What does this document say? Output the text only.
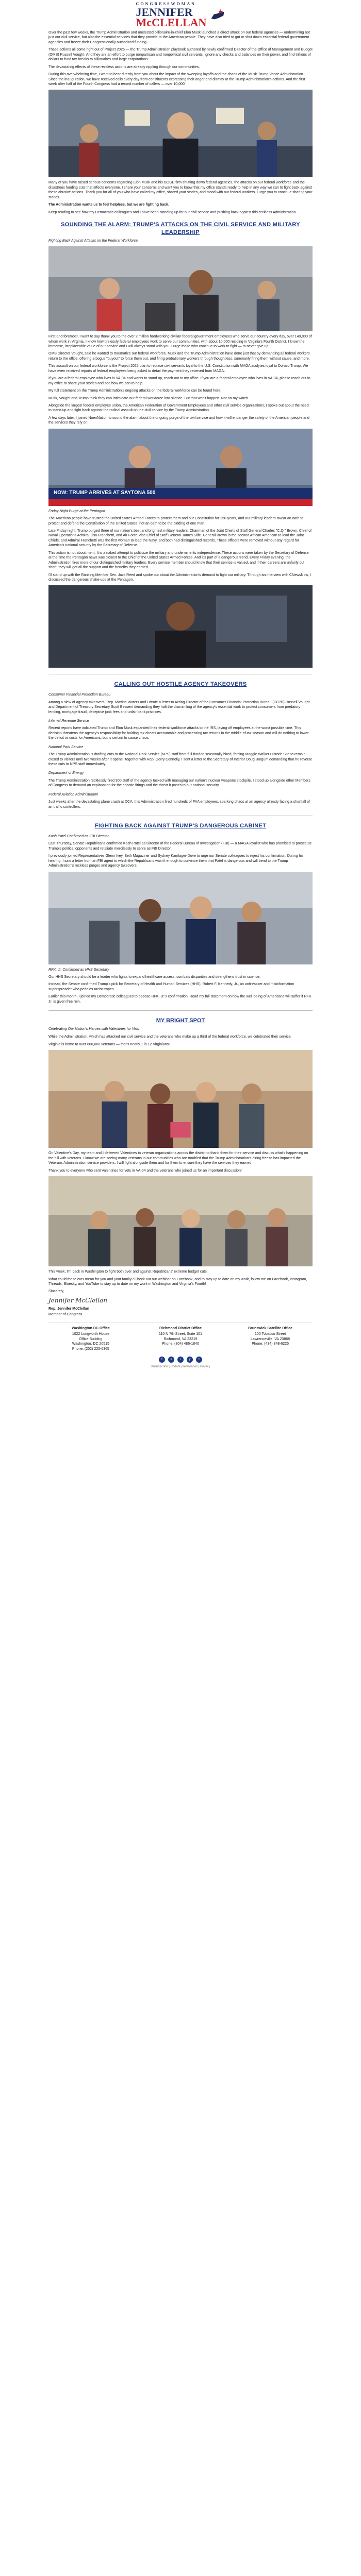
CONGRESSWOMAN
JENNIFER
McCLELLAN

Over the past few weeks, the Trump Administration and unelected billionaire-in-chief Elon Musk launched a direct attack on our federal agencies — undermining not just our civil service, but also the essential services that they provide to the American people. They have also tried to gut or shut down essential federal government agencies and freeze their Congressionally authorized funding.

These actions all come right out of Project 2025 — the Trump Administration playbook authored by newly confirmed Director of the Office of Management and Budget (OMB) Russell Vought. And they are an effort to purge nonpartisan and nonpolitical civil servants, ignore any checks and balances on their power, and find trillions of dollars to fund tax breaks to billionaires and large corporations.

The devastating effects of these reckless actions are already rippling through our communities.

During this overwhelming time, I want to hear directly from you about the impact of the sweeping layoffs and the chaos of the Musk-Trump Vance Administration. Since the inauguration, we have received calls every day from constituents expressing their anger and dismay at the Trump Administration's actions. And the first week after half of the Fourth Congress had a record number of callers — over 10,000!

Many of you have raised serious concerns regarding Elon Musk and his DOGE firm shutting down federal agencies, the attacks on our federal workforce and the disastrous funding cuts that affects everyone. I share your concerns and want you to know that my office stands ready to help in any way we can to fight back against these abusive actions. Thank you for all of you who have called my office, shared your stories, and stood with our federal workers. I urge you to continue sharing your stories.

The Administration wants us to feel helpless, but we are fighting back.

Keep reading to see how my Democratic colleagues and I have been standing up for our civil service and pushing back against this reckless Administration.

SOUNDING THE ALARM: TRUMP'S ATTACKS ON THE CIVIL SERVICE AND MILITARY LEADERSHIP
Fighting Back Against Attacks on the Federal Workforce

First and foremost, I want to say thank you to the over 2 million hardworking civilian federal government employees who serve our country every day, over 140,000 of whom work in Virginia. I know how tirelessly federal employees work to serve our communities, with about 10,000 residing in Virginia's Fourth District. I know the immense, irreplaceable value of our service and I will always stand with you. I urge those who continue to work to fight — to never give up.

OMB Director Vought, said he wanted to traumatize our federal workforce. Musk and the Trump Administration have done just that by demanding all federal workers return to the office, offering a bogus "buyout" to force them out, and firing probationary workers through thoughtless, summarily firing them without cause, and more.

This assault on our federal workforce is the Project 2025 plan to replace civil servants loyal to the U.S. Constitution with MAGA acolytes loyal to Donald Trump. We have even received reports of federal employees being asked to detail the payment they received from MAGA.

If you are a federal employee who lives in VA-04 and wants to stand up, reach out to my office. If you are a federal employee who lives in VA-04, please reach out to my office to share your stories and see how we can to help.

My full statement on the Trump Administration's ongoing attacks on the federal workforce can be found here.

Musk, Vought and Trump think they can intimidate our federal workforce into silence. But that won't happen. Not on my watch.

Alongside the largest federal employee union, the American Federation of Government Employees and other civil service organizations, I spoke out about the need to stand up and fight back against the radical assault on the civil service by the Trump Administration.

A few days later, I joined NoenNation to sound the alarm about the ongoing purge of the civil service and how it will endanger the safety of the American people and the services they rely on.

NOW: TRUMP ARRIVES AT SAYTONA 500
Friday Night Purge at the Pentagon

The American people have trusted the United States Armed Forces to protect them and our Constitution for 250 years, and our military leaders swear an oath to protect and defend the Constitution of the United States, not an oath to be the bidding of one man.

Late Friday night, Trump purged three of our nation's best and brightest military leaders: Chairman of the Joint Chiefs of Staff General Charles "C.Q." Brown, Chief of Naval Operations Admiral Lisa Franchetti, and Air Force Vice Chief of Staff General James Slife. General Brown is the second African American to lead the Joint Chiefs, and Admiral Franchetti was the first woman to lead the Navy, and both had distinguished records. These officers were removed without any regard for America's national security by the Secretary of Defense.

This action is not about merit. It is a naked attempt to politicize the military and undermine its independence. These actions were taken by the Secretary of Defense at the time the Pentagon news was closest to the Chief of the United States Armed Forces. And it's part of a dangerous trend. Every Friday evening, the Administration fires more of our distinguished military leaders. Every service member should know that their service is valued, and if their careers are unfairly cut short, they will get all the support and the benefits they earned.

I'll stand up with the Ranking Member Sen. Jack Reed and spoke out about the Administration's demand to fight our military. Through an interview with CNewsNow, I discussed the dangerous shake-ups at the Pentagon.

CALLING OUT HOSTILE AGENCY TAKEOVERS
Consumer Financial Protection Bureau

Among a slew of agency takeovers, Rep. Maxine Waters and I wrote a letter to Acting Director of the Consumer Financial Protection Bureau (CFPB) Russell Vought and Department of Treasury Secretary Scott Bessent demanding they halt the dismantling of the agency's essential work to protect consumers from predatory lending, mortgage fraud, deceptive junk fees and unfair bank practices.

Internal Revenue Service

Recent reports have indicated Trump and Elon Musk expanded their federal workforce attacks to the IRS, laying off employees at the worst possible time. This decision threatens the agency's responsibility for holding tax cheats accountable and processing tax returns in the middle of tax season and will do nothing to lower the deficit or costs for Americans, but is certain to cause chaos.

National Park Service

The Trump Administration is drafting cuts to the National Park Service (NPS) staff from full-funded seasonally hired, forcing Maggie Walker Historic Site to remain closed to visitors until two weeks after it opens. Together with Rep. Gerry Connolly, I sent a letter to the Secretary of Interior Doug Burgum demanding that he reverse these cuts to NPS staff immediately.

Department of Energy

The Trump Administration recklessly fired 300 staff of the agency tasked with managing our nation's nuclear weapons stockpile. I stood up alongside other Members of Congress to demand an explanation for the chaotic firings and the threat it poses to our national security.

Federal Aviation Administration

Just weeks after the devastating plane crash at DCA, this Administration fired hundreds of FAA employees, sparking chaos at an agency already facing a shortfall of air traffic controllers.

FIGHTING BACK AGAINST TRUMP'S DANGEROUS CABINET
Kash Patel Confirmed as FBI Director

Last Thursday, Senate Republicans confirmed Kash Patel as Director of the Federal Bureau of Investigation (FBI) — a MAGA loyalist who has promised to prosecute Trump's political opponents and retaliate mercilessly to serve as FBI Director.

I previously joined Representatives Glenn Ivey, Seth Magaziner and Sydney Kamlager-Dove to urge our Senate colleagues to reject his confirmation. During his hearing, I said a letter from an FBI agent to which the Republicans wasn't enough to convince them that Patel is dangerous and will bend to the Trump Administration's reckless purges and agency takeovers.

RFK, Jr. Confirmed as HHS Secretary

Our HHS Secretary should be a leader who fights to expand healthcare access, combats disparities and strengthens trust in science.

Instead, the Senate confirmed Trump's pick for Secretary of Health and Human Services (HHS), Robert F. Kennedy, Jr., an anti-vaxxer and misinformation superspreader who peddles racist tropes.

Earlier this month, I joined my Democratic colleagues to oppose RFK, Jr.'s confirmation. Read my full statement on how the well-being of Americans will suffer if RFK Jr. is given free rein.

MY BRIGHT SPOT
Celebrating Our Nation's Heroes with Valentines for Vets

While the Administration, which has attacked our civil service and the veterans who make up a third of the federal workforce, we celebrated their service.

Virginia is home to over 600,000 veterans — that's nearly 1 in 12 Virginians!

On Valentine's Day, my team and I delivered Valentines to veteran organizations across the district to thank them for their service and discuss what's happening on the hill with veterans. I know we are seeing many veterans in our communities who are troubled that the Trump Administration's hiring freeze has impacted the Veterans Administration service providers. I will fight alongside them and for them to ensure they have the services they earned.

Thank you to everyone who sent Valentines for vets in VA-04 and the veterans who joined us for an important discussion!

This week, I'm back in Washington to fight both over and against Republicans' extreme budget cuts.

What could these cuts mean for you and your family? Check out our webinar on Facebook, and to stay up to date on my work, follow me on Facebook, Instagram, Threads, Bluesky, and YouTube to stay up to date on my work in Washington and Virginia's Fourth!

Sincerely,

Jennifer McClellan

Rep. Jennifer McClellan

Member of Congress

Washington DC Office
1022 Longworth House
Office Building
Washington, DC 20515
Phone: (202) 225-6365
Richmond District Office
110 N 7th Street, Suite 101
Richmond, VA 23219
Phone: (804) 486-1840
Brunswick Satellite Office
100 Tobacco Street
Lawrenceville, VA 23868
Phone: (434) 848-6225
f	x	i	y	t
Unsubscribe | Update preferences | Privacy
